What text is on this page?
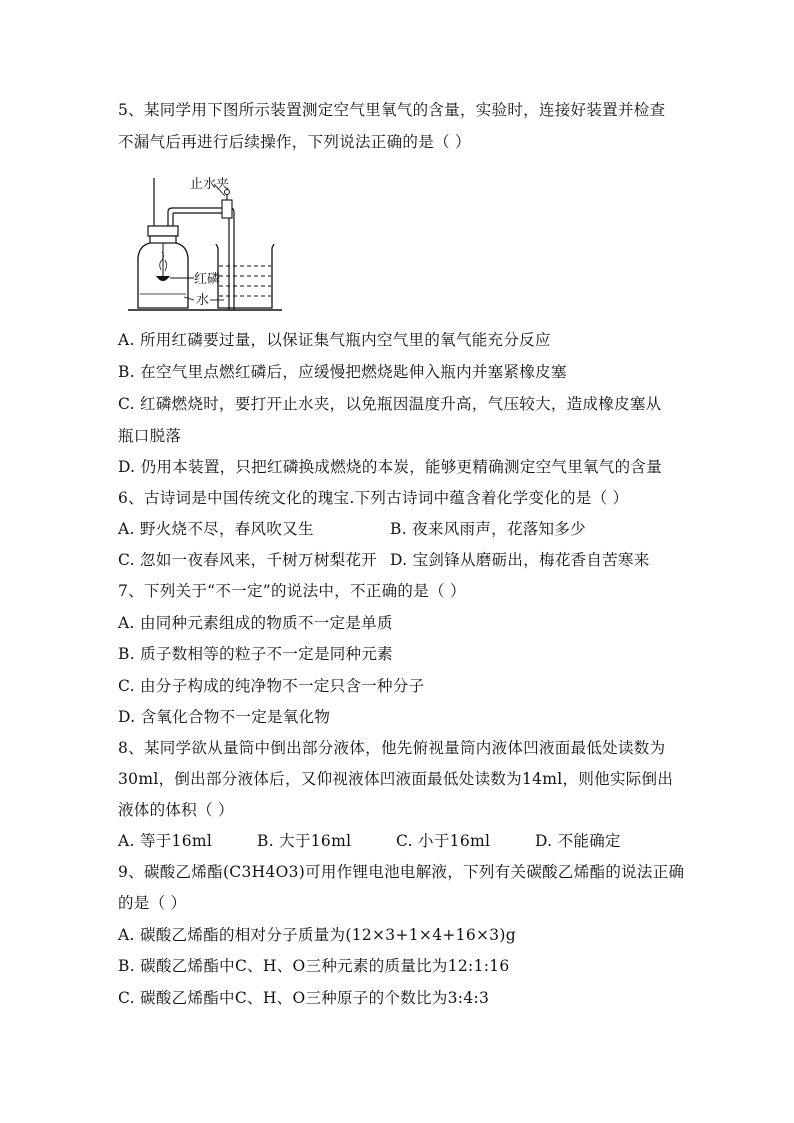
5、某同学用下图所示装置测定空气里氧气的含量，实验时，连接好装置并检查
不漏气后再进行后续操作，下列说法正确的是（ ）
止水夹
红磷
水
A. 所用红磷要过量，以保证集气瓶内空气里的氧气能充分反应
B. 在空气里点燃红磷后，应缓慢把燃烧匙伸入瓶内并塞紧橡皮塞
C. 红磷燃烧时，要打开止水夹，以免瓶因温度升高，气压较大，造成橡皮塞从
瓶口脱落
D. 仍用本装置，只把红磷换成燃烧的本炭，能够更精确测定空气里氧气的含量
6、古诗词是中国传统文化的瑰宝.下列古诗词中蕴含着化学变化的是（ ）
A. 野火烧不尽，春风吹又生	B. 夜来风雨声，花落知多少
C. 忽如一夜春风来，千树万树梨花开 D. 宝剑锋从磨砺出，梅花香自苦寒来
7、下列关于“不一定”的说法中，不正确的是（ ）
A. 由同种元素组成的物质不一定是单质
B. 质子数相等的粒子不一定是同种元素
C. 由分子构成的纯净物不一定只含一种分子
D. 含氧化合物不一定是氧化物
8、某同学欲从量筒中倒出部分液体，他先俯视量筒内液体凹液面最低处读数为
30ml，倒出部分液体后，又仰视液体凹液面最低处读数为14ml，则他实际倒出
液体的体积（ ）
A. 等于16ml	B. 大于16ml	C. 小于16ml	D. 不能确定
9、碳酸乙烯酯(C3H4O3)可用作锂电池电解液，下列有关碳酸乙烯酯的说法正确
的是（ ）
A. 碳酸乙烯酯的相对分子质量为(12×3+1×4+16×3)g
B. 碳酸乙烯酯中C、H、O三种元素的质量比为12:1:16
C. 碳酸乙烯酯中C、H、O三种原子的个数比为3:4:3
